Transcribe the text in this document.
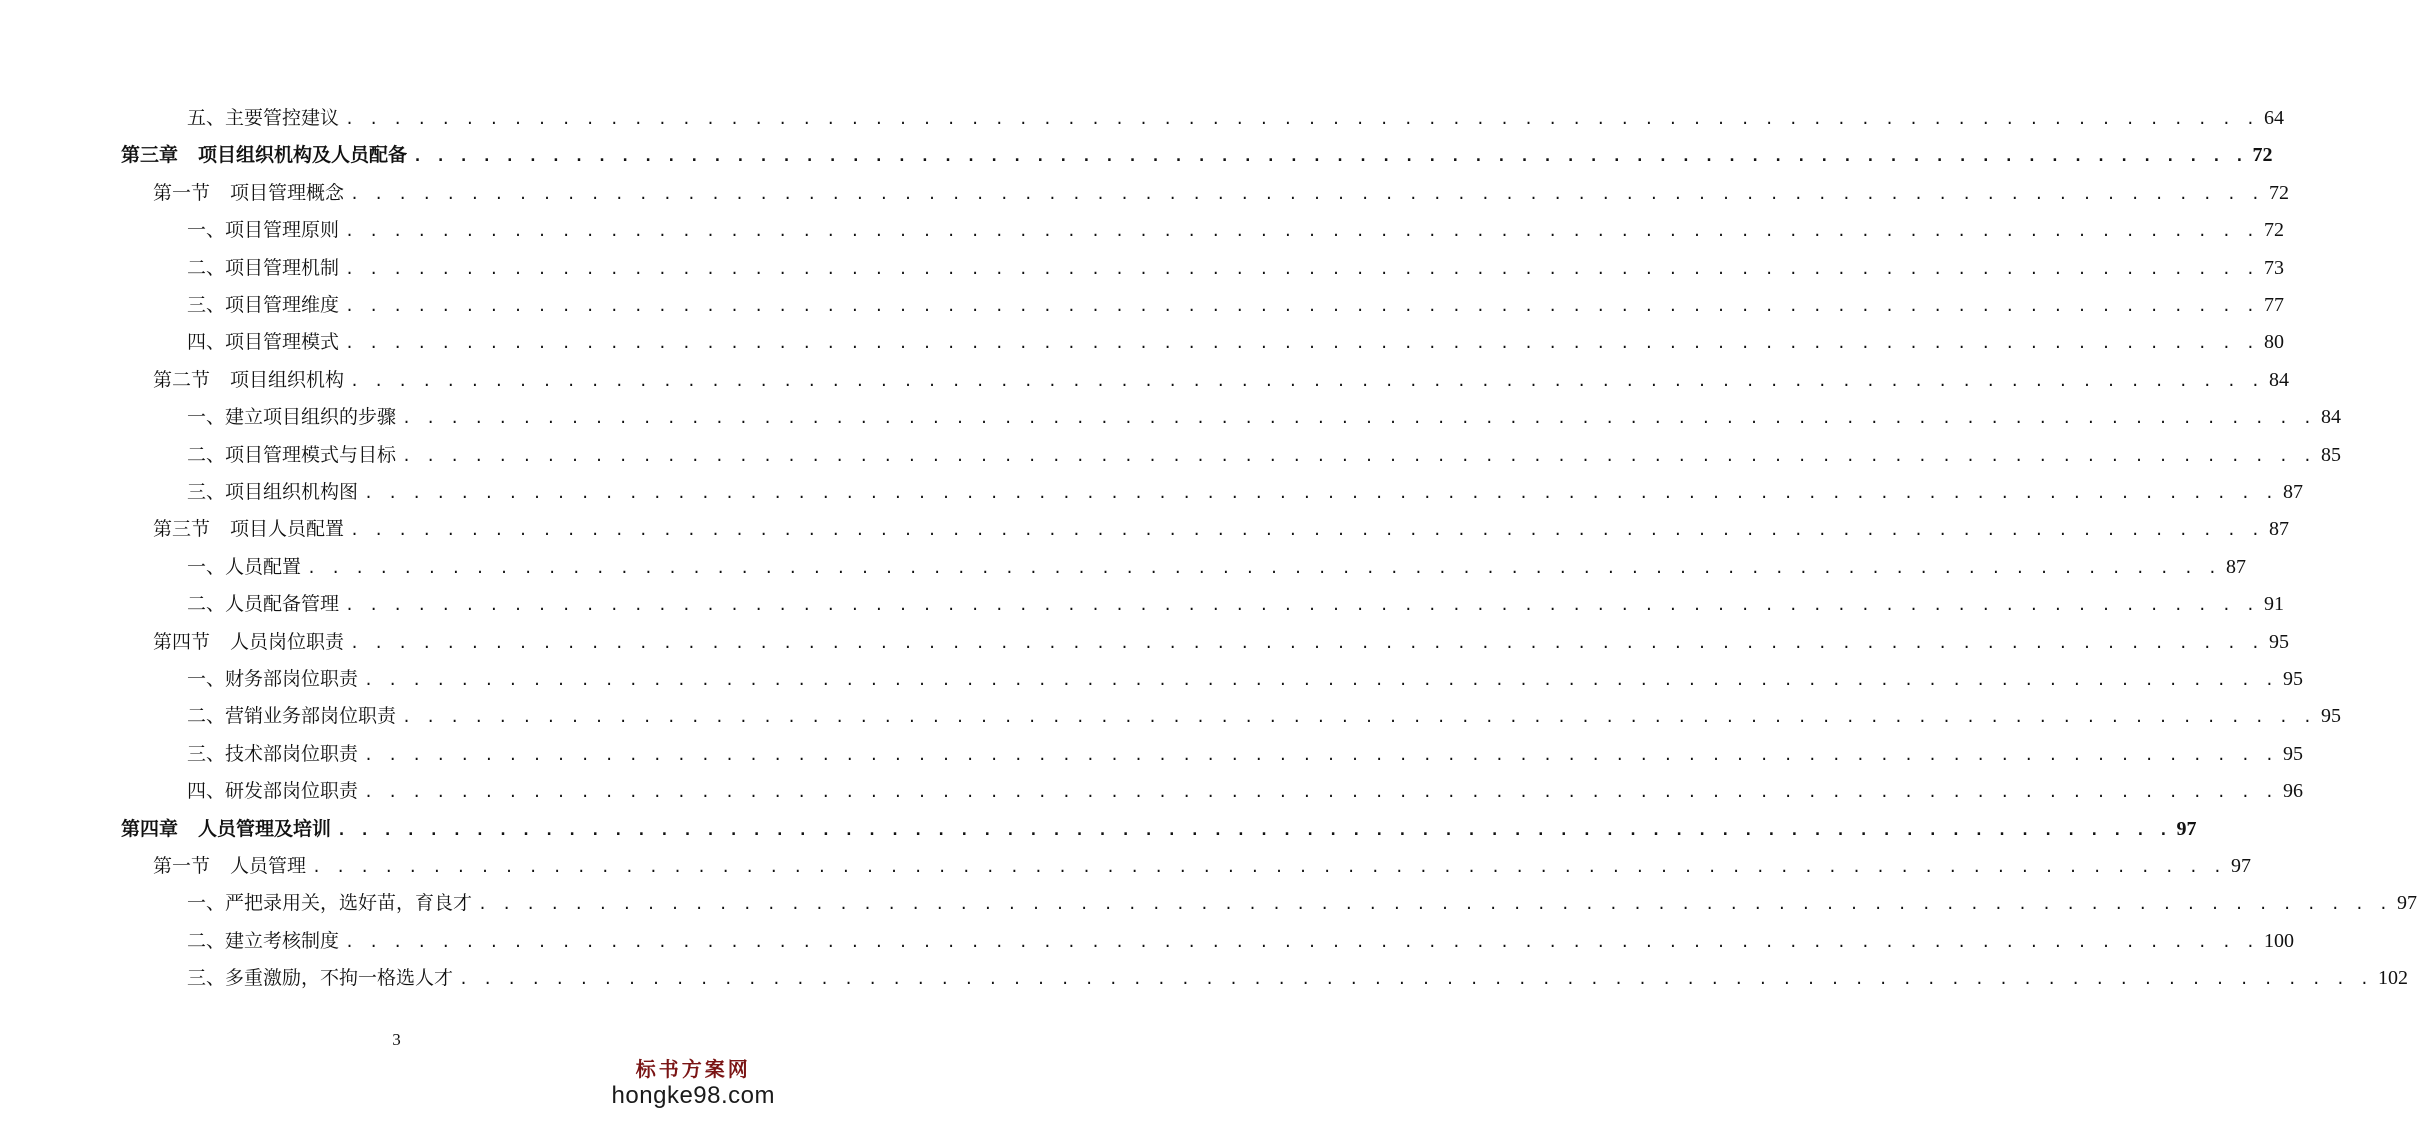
五、主要管控建议 . . . . . . . . . . . . . . . . . . . . . . . . . . . . . . . . . . . . . . . . . . . . . . . . . . . . . . . . . . . . . . . . . . . . . . . . . . . . . . . . 64
第三章 项目组织机构及人员配备 . . . . . . . . . . . . . . . . . . . . . . . . . . . . . . . . . . . . . . . . . . . . . . . . . . . . . . . . . . . . . . . . . . . . . . . . . . . . . . . . 72
第一节 项目管理概念 . . . . . . . . . . . . . . . . . . . . . . . . . . . . . . . . . . . . . . . . . . . . . . . . . . . . . . . . . . . . . . . . . . . . . . . . . . . . . . . . 72
一、项目管理原则 . . . . . . . . . . . . . . . . . . . . . . . . . . . . . . . . . . . . . . . . . . . . . . . . . . . . . . . . . . . . . . . . . . . . . . . . . . . . . . . . 72
二、项目管理机制 . . . . . . . . . . . . . . . . . . . . . . . . . . . . . . . . . . . . . . . . . . . . . . . . . . . . . . . . . . . . . . . . . . . . . . . . . . . . . . . . 73
三、项目管理维度 . . . . . . . . . . . . . . . . . . . . . . . . . . . . . . . . . . . . . . . . . . . . . . . . . . . . . . . . . . . . . . . . . . . . . . . . . . . . . . . . 77
四、项目管理模式 . . . . . . . . . . . . . . . . . . . . . . . . . . . . . . . . . . . . . . . . . . . . . . . . . . . . . . . . . . . . . . . . . . . . . . . . . . . . . . . . 80
第二节 项目组织机构 . . . . . . . . . . . . . . . . . . . . . . . . . . . . . . . . . . . . . . . . . . . . . . . . . . . . . . . . . . . . . . . . . . . . . . . . . . . . . . . . 84
一、建立项目组织的步骤 . . . . . . . . . . . . . . . . . . . . . . . . . . . . . . . . . . . . . . . . . . . . . . . . . . . . . . . . . . . . . . . . . . . . . . . . . . . . . . . . 84
二、项目管理模式与目标 . . . . . . . . . . . . . . . . . . . . . . . . . . . . . . . . . . . . . . . . . . . . . . . . . . . . . . . . . . . . . . . . . . . . . . . . . . . . . . . . 85
三、项目组织机构图 . . . . . . . . . . . . . . . . . . . . . . . . . . . . . . . . . . . . . . . . . . . . . . . . . . . . . . . . . . . . . . . . . . . . . . . . . . . . . . . . 87
第三节 项目人员配置 . . . . . . . . . . . . . . . . . . . . . . . . . . . . . . . . . . . . . . . . . . . . . . . . . . . . . . . . . . . . . . . . . . . . . . . . . . . . . . . . 87
一、人员配置 . . . . . . . . . . . . . . . . . . . . . . . . . . . . . . . . . . . . . . . . . . . . . . . . . . . . . . . . . . . . . . . . . . . . . . . . . . . . . . . . 87
二、人员配备管理 . . . . . . . . . . . . . . . . . . . . . . . . . . . . . . . . . . . . . . . . . . . . . . . . . . . . . . . . . . . . . . . . . . . . . . . . . . . . . . . . 91
第四节 人员岗位职责 . . . . . . . . . . . . . . . . . . . . . . . . . . . . . . . . . . . . . . . . . . . . . . . . . . . . . . . . . . . . . . . . . . . . . . . . . . . . . . . . 95
一、财务部岗位职责 . . . . . . . . . . . . . . . . . . . . . . . . . . . . . . . . . . . . . . . . . . . . . . . . . . . . . . . . . . . . . . . . . . . . . . . . . . . . . . . . 95
二、营销业务部岗位职责 . . . . . . . . . . . . . . . . . . . . . . . . . . . . . . . . . . . . . . . . . . . . . . . . . . . . . . . . . . . . . . . . . . . . . . . . . . . . . . . . 95
三、技术部岗位职责 . . . . . . . . . . . . . . . . . . . . . . . . . . . . . . . . . . . . . . . . . . . . . . . . . . . . . . . . . . . . . . . . . . . . . . . . . . . . . . . . 95
四、研发部岗位职责 . . . . . . . . . . . . . . . . . . . . . . . . . . . . . . . . . . . . . . . . . . . . . . . . . . . . . . . . . . . . . . . . . . . . . . . . . . . . . . . . 96
第四章 人员管理及培训 . . . . . . . . . . . . . . . . . . . . . . . . . . . . . . . . . . . . . . . . . . . . . . . . . . . . . . . . . . . . . . . . . . . . . . . . . . . . . . . . 97
第一节 人员管理 . . . . . . . . . . . . . . . . . . . . . . . . . . . . . . . . . . . . . . . . . . . . . . . . . . . . . . . . . . . . . . . . . . . . . . . . . . . . . . . . 97
一、严把录用关，选好苗，育良才 . . . . . . . . . . . . . . . . . . . . . . . . . . . . . . . . . . . . . . . . . . . . . . . . . . . . . . . . . . . . . . . . . . . . . . . . . . . . . . . . 97
二、建立考核制度 . . . . . . . . . . . . . . . . . . . . . . . . . . . . . . . . . . . . . . . . . . . . . . . . . . . . . . . . . . . . . . . . . . . . . . . . . . . . . . . . 100
三、多重激励，不拘一格选人才 . . . . . . . . . . . . . . . . . . . . . . . . . . . . . . . . . . . . . . . . . . . . . . . . . . . . . . . . . . . . . . . . . . . . . . . . . . . . . . . . 102
3
标书方案网
hongke98.com
